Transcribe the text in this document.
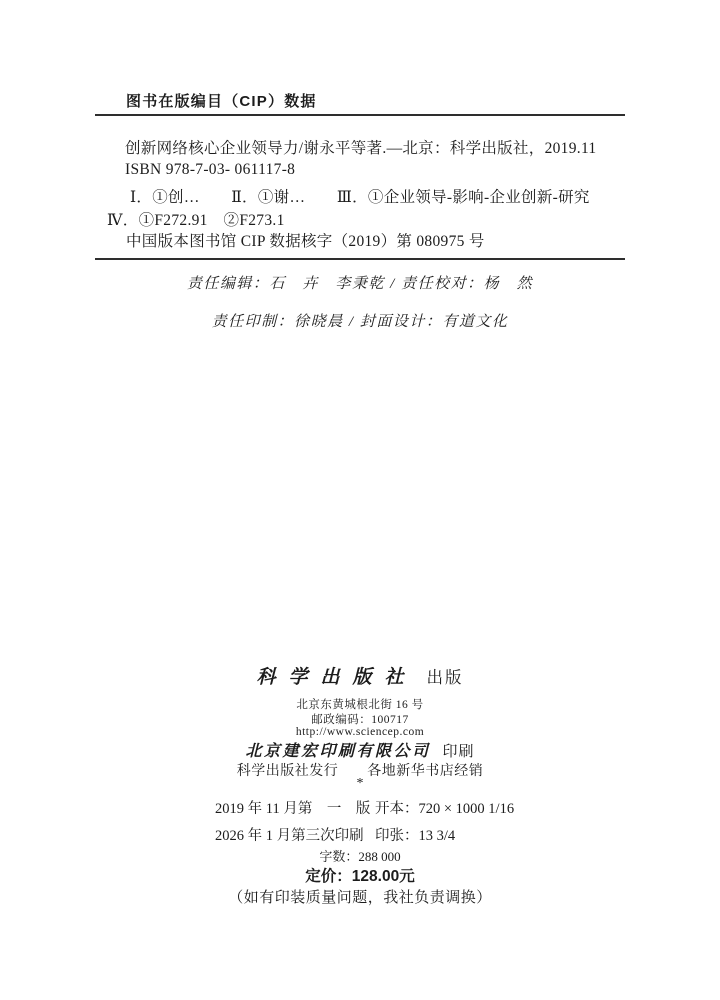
图书在版编目（CIP）数据
创新网络核心企业领导力/谢永平等著.—北京：科学出版社，2019.11
ISBN 978-7-03- 061117-8
Ⅰ．①创…　　Ⅱ．①谢…　　Ⅲ．①企业领导-影响-企业创新-研究
Ⅳ．①F272.91　②F273.1
中国版本图书馆 CIP 数据核字（2019）第 080975 号
责任编辑：石　卉　李秉乾 / 责任校对：杨　然
责任印制：徐晓晨 / 封面设计：有道文化
科学出版社 出版
北京东黄城根北街 16 号
邮政编码：100717
http://www.sciencep.com
北京建宏印刷有限公司 印刷
科学出版社发行　　各地新华书店经销
*
2019 年 11 月第　一　版 开本：720 × 1000 1/16
2026 年 1 月第三次印刷 印张：13 3/4
字数：288 000
定价：128.00元
（如有印装质量问题，我社负责调换）
